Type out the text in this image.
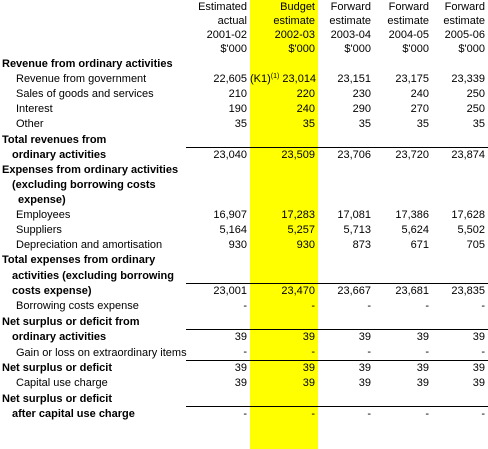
	Estimated	Budget	Forward	Forward	Forward
	actual	estimate	estimate	estimate	estimate
	2001-02	2002-03	2003-04	2004-05	2005-06
	$'000	$'000	$'000	$'000	$'000
Revenue from ordinary activities					
Revenue from government	22,605	$(K1)^{(1)}$ 23,014	23,151	23,175	23,339
Sales of goods and services	210	220	230	240	250
Interest	190	240	290	270	250
Other	35	35	35	35	35
Total revenues from					
ordinary activities	23,040	23,509	23,706	23,720	23,874
Expenses from ordinary activities					
(excluding borrowing costs					
expense)					
Employees	16,907	17,283	17,081	17,386	17,628
Suppliers	5,164	5,257	5,713	5,624	5,502
Depreciation and amortisation	930	930	873	671	705
Total expenses from ordinary					
activities (excluding borrowing					
costs expense)	23,001	23,470	23,667	23,681	23,835
Borrowing costs expense	-	-	-	-	-
Net surplus or deficit from					
ordinary activities	39	39	39	39	39
Gain or loss on extraordinary items	-	-	-	-	-
Net surplus or deficit	39	39	39	39	39
Capital use charge	39	39	39	39	39
Net surplus or deficit					
after capital use charge	-	-	-	-	-
